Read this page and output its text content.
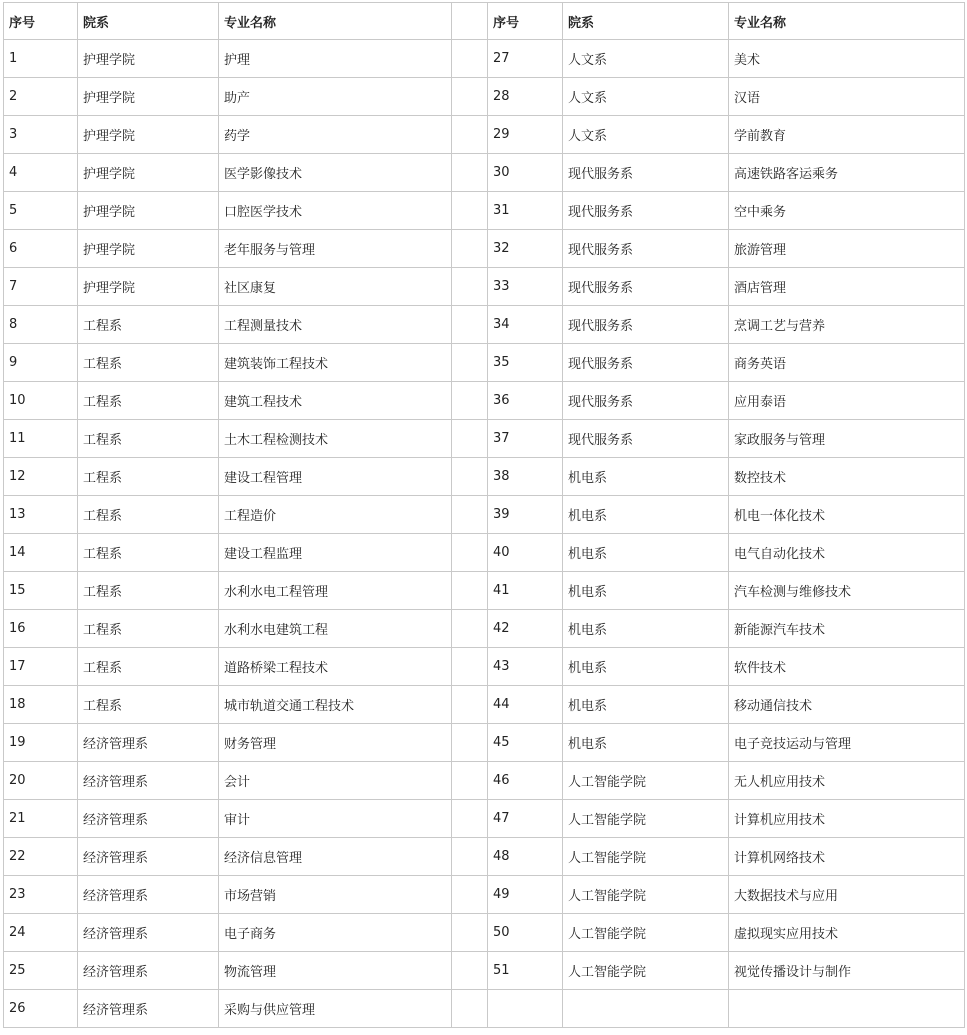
序号	院系	专业名称		序号	院系	专业名称
1	护理学院	护理		27	人文系	美术
2	护理学院	助产		28	人文系	汉语
3	护理学院	药学		29	人文系	学前教育
4	护理学院	医学影像技术		30	现代服务系	高速铁路客运乘务
5	护理学院	口腔医学技术		31	现代服务系	空中乘务
6	护理学院	老年服务与管理		32	现代服务系	旅游管理
7	护理学院	社区康复		33	现代服务系	酒店管理
8	工程系	工程测量技术		34	现代服务系	烹调工艺与营养
9	工程系	建筑装饰工程技术		35	现代服务系	商务英语
10	工程系	建筑工程技术		36	现代服务系	应用泰语
11	工程系	土木工程检测技术		37	现代服务系	家政服务与管理
12	工程系	建设工程管理		38	机电系	数控技术
13	工程系	工程造价		39	机电系	机电一体化技术
14	工程系	建设工程监理		40	机电系	电气自动化技术
15	工程系	水利水电工程管理		41	机电系	汽车检测与维修技术
16	工程系	水利水电建筑工程		42	机电系	新能源汽车技术
17	工程系	道路桥梁工程技术		43	机电系	软件技术
18	工程系	城市轨道交通工程技术		44	机电系	移动通信技术
19	经济管理系	财务管理		45	机电系	电子竞技运动与管理
20	经济管理系	会计		46	人工智能学院	无人机应用技术
21	经济管理系	审计		47	人工智能学院	计算机应用技术
22	经济管理系	经济信息管理		48	人工智能学院	计算机网络技术
23	经济管理系	市场营销		49	人工智能学院	大数据技术与应用
24	经济管理系	电子商务		50	人工智能学院	虚拟现实应用技术
25	经济管理系	物流管理		51	人工智能学院	视觉传播设计与制作
26	经济管理系	采购与供应管理				
